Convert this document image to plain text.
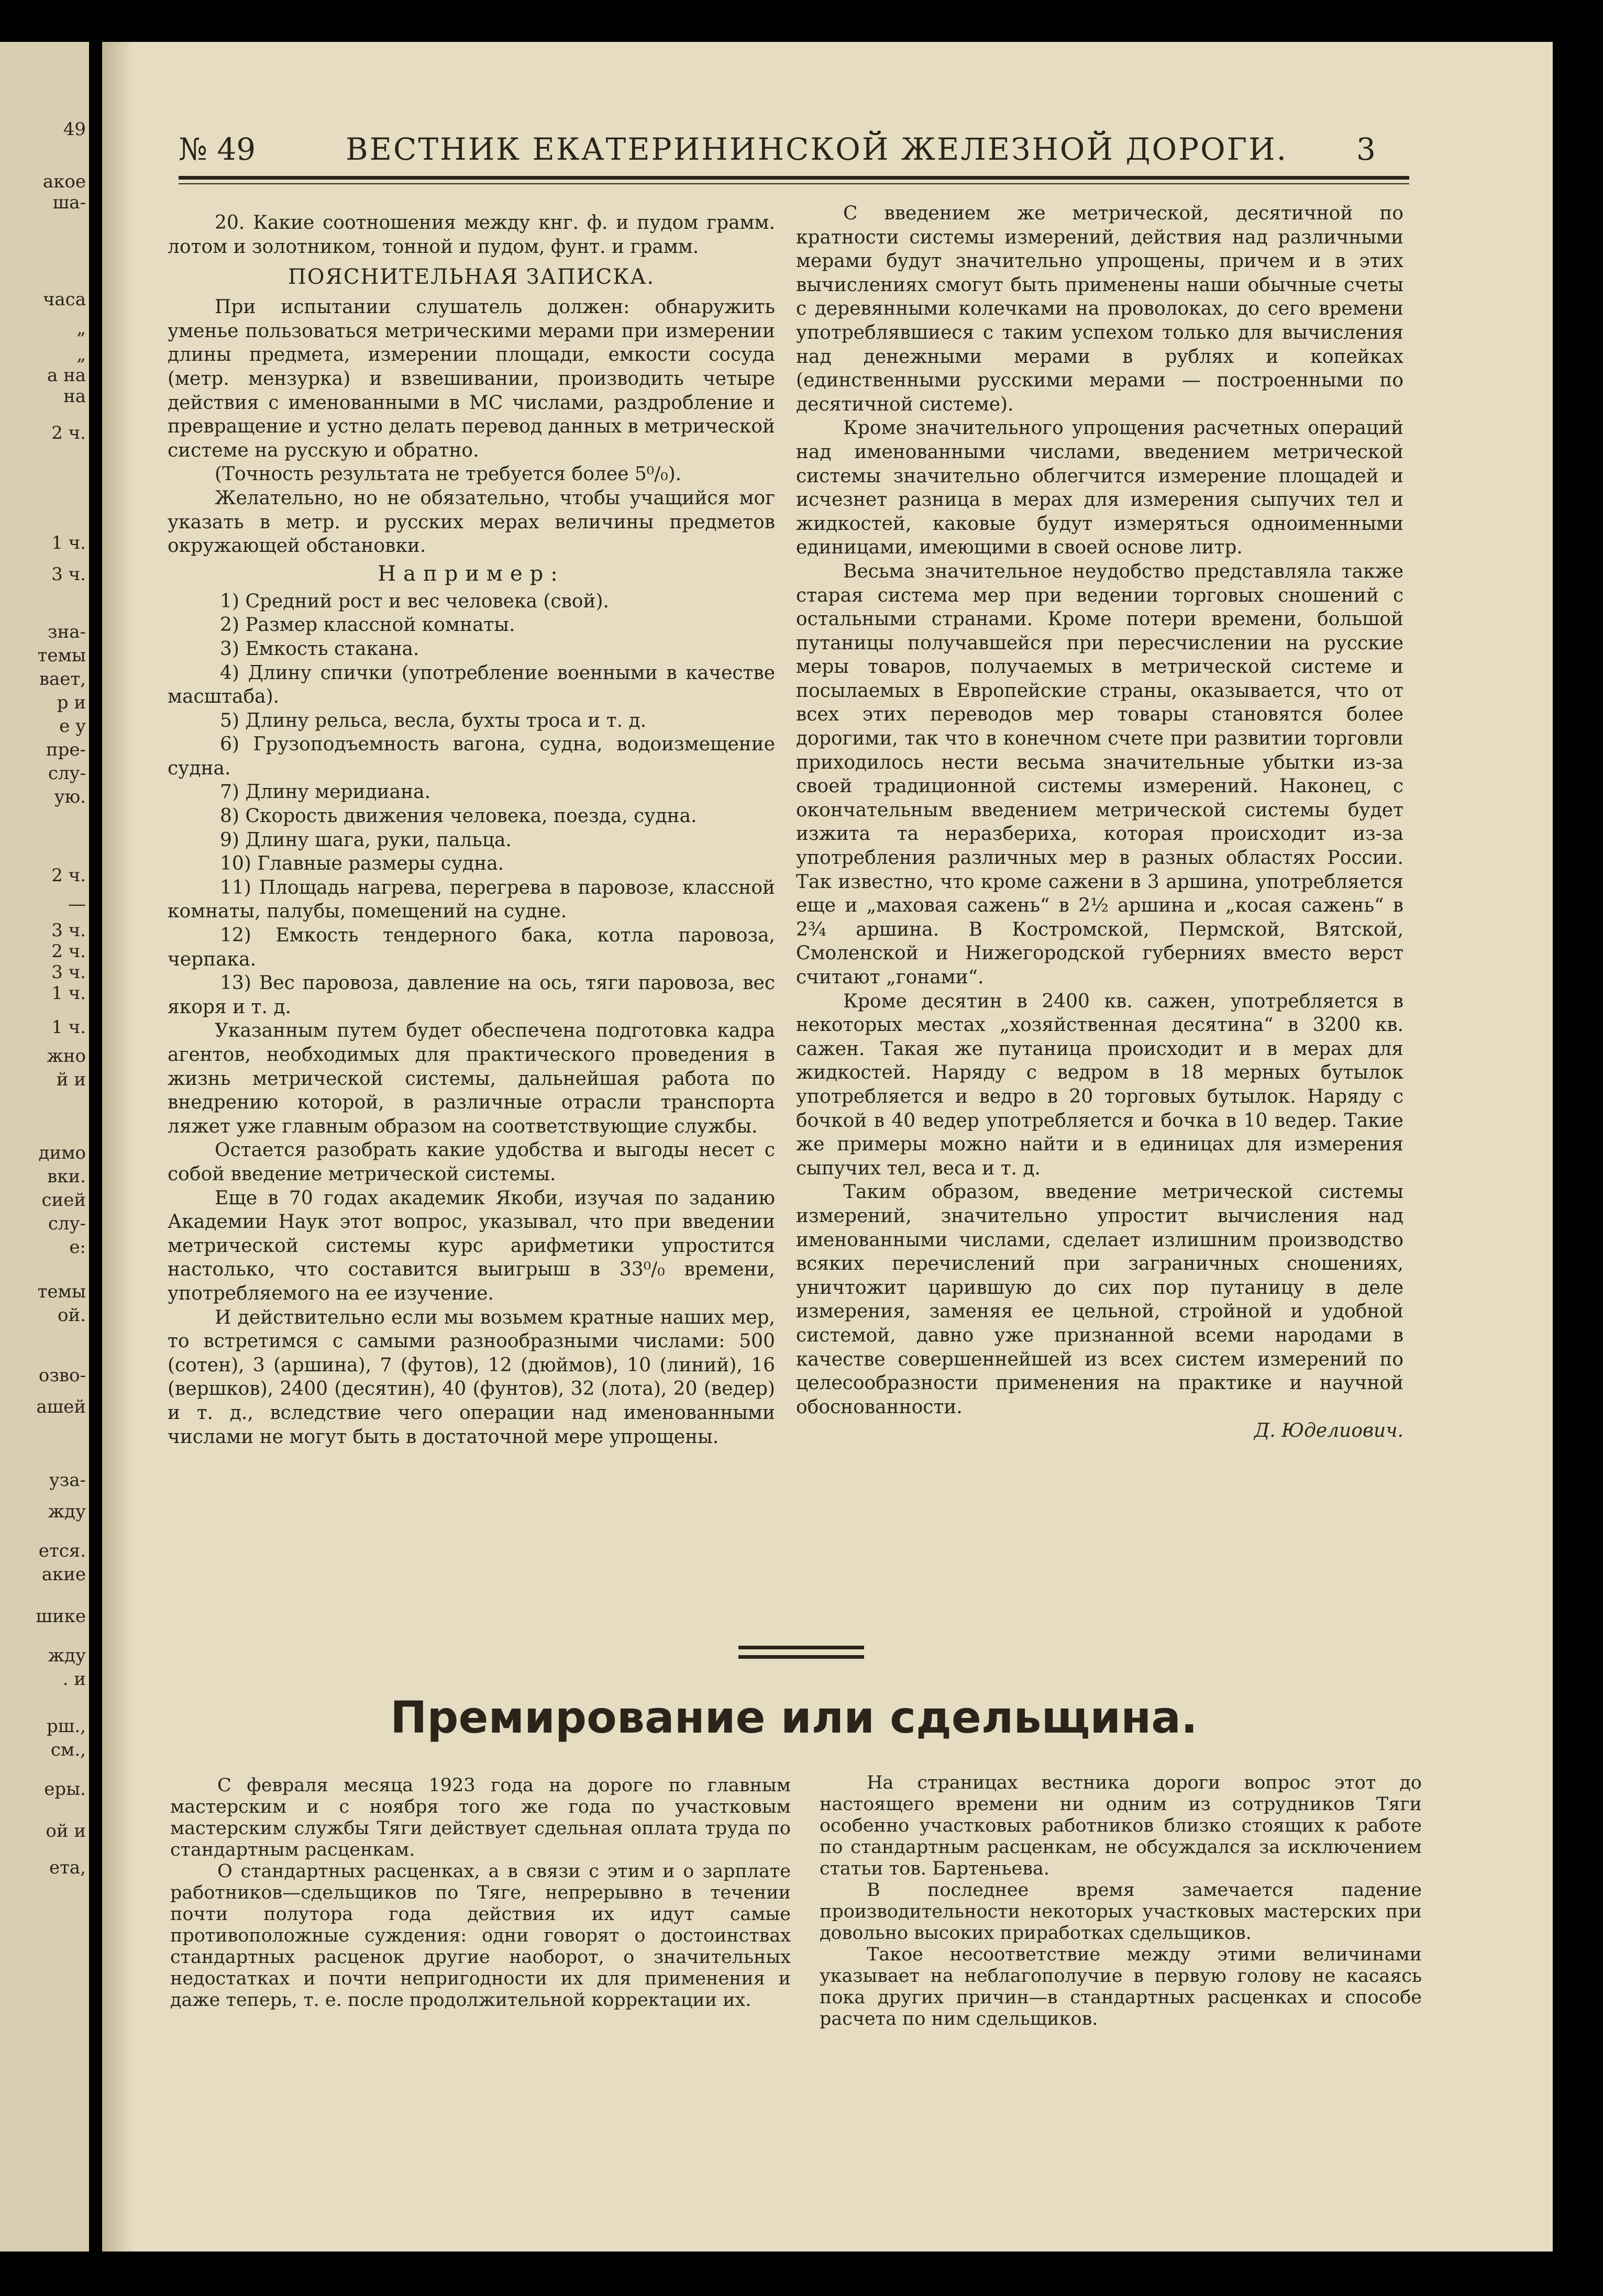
49
акое
ша-
часа
„
„
а на
на
2 ч.
1 ч.
3 ч.
зна-
темы
вает,
р и
е у
пре-
слу-
ую.
2 ч.
—
3 ч.
2 ч.
3 ч.
1 ч.
1 ч.
жно
й и
димо
вки.
сией
слу-
е:
темы
ой.
озво-
ашей
уза-
жду
ется.
акие
шике
жду
. и
рш.,
см.,
еры.
ой и
ета,
№ 49	ВЕСТНИК ЕКАТЕРИНИНСКОЙ ЖЕЛЕЗНОЙ ДОРОГИ. 3

20. Какие соотношения между кнг. ф. и пудом грамм. лотом и золотником, тонной и пудом, фунт. и грамм.

ПОЯСНИТЕЛЬНАЯ ЗАПИСКА.

При испытании слушатель должен: обнаружить уменье пользоваться метрическими мерами при измерении длины предмета, измерении площади, емкости сосуда (метр. мензурка) и взвешивании, производить четыре действия с именованными в МС числами, раздробление и превращение и устно делать перевод данных в метрической системе на русскую и обратно.

(Точность результата не требуется более 5⁰/₀).

Желательно, но не обязательно, чтобы учащийся мог указать в метр. и русских мерах величины предметов окружающей обстановки.

Например:

1) Средний рост и вес человека (свой).

2) Размер классной комнаты.

3) Емкость стакана.

4) Длину спички (употребление военными в качестве масштаба).

5) Длину рельса, весла, бухты троса и т. д.

6) Грузоподъемность вагона, судна, водоизмещение судна.

7) Длину меридиана.

8) Скорость движения человека, поезда, судна.

9) Длину шага, руки, пальца.

10) Главные размеры судна.

11) Площадь нагрева, перегрева в паровозе, классной комнаты, палубы, помещений на судне.

12) Емкость тендерного бака, котла паровоза, черпака.

13) Вес паровоза, давление на ось, тяги паровоза, вес якоря и т. д.

Указанным путем будет обеспечена подготовка кадра агентов, необходимых для практического проведения в жизнь метрической системы, дальнейшая работа по внедрению которой, в различные отрасли транспорта ляжет уже главным образом на соответствующие службы.

Остается разобрать какие удобства и выгоды несет с собой введение метрической системы.

Еще в 70 годах академик Якоби, изучая по заданию Академии Наук этот вопрос, указывал, что при введении метрической системы курс арифметики упростится настолько, что составится выигрыш в 33⁰/₀ времени, употребляемого на ее изучение.

И действительно если мы возьмем кратные наших мер, то встретимся с самыми разнообразными числами: 500 (сотен), 3 (аршина), 7 (футов), 12 (дюймов), 10 (линий), 16 (вершков), 2400 (десятин), 40 (фунтов), 32 (лота), 20 (ведер) и т. д., вследствие чего операции над именованными числами не могут быть в достаточной мере упрощены.

С введением же метрической, десятичной по кратности системы измерений, действия над различными мерами будут значительно упрощены, причем и в этих вычислениях смогут быть применены наши обычные счеты с деревянными колечками на проволоках, до сего времени употреблявшиеся с таким успехом только для вычисления над денежными мерами в рублях и копейках (единственными русскими мерами — построенными по десятичной системе).

Кроме значительного упрощения расчетных операций над именованными числами, введением метрической системы значительно облегчится измерение площадей и исчезнет разница в мерах для измерения сыпучих тел и жидкостей, каковые будут измеряться одноименными единицами, имеющими в своей основе литр.

Весьма значительное неудобство представляла также старая система мер при ведении торговых сношений с остальными странами. Кроме потери времени, большой путаницы получавшейся при пересчислении на русские меры товаров, получаемых в метрической системе и посылаемых в Европейские страны, оказывается, что от всех этих переводов мер товары становятся более дорогими, так что в конечном счете при развитии торговли приходилось нести весьма значительные убытки из-за своей традиционной системы измерений. Наконец, с окончательным введением метрической системы будет изжита та неразбериха, которая происходит из-за употребления различных мер в разных областях России. Так известно, что кроме сажени в 3 аршина, употребляется еще и „маховая сажень“ в 2½ аршина и „косая сажень“ в 2¾ аршина. В Костромской, Пермской, Вятской, Смоленской и Нижегородской губерниях вместо верст считают „гонами“.

Кроме десятин в 2400 кв. сажен, употребляется в некоторых местах „хозяйственная десятина“ в 3200 кв. сажен. Такая же путаница происходит и в мерах для жидкостей. Наряду с ведром в 18 мерных бутылок употребляется и ведро в 20 торговых бутылок. Наряду с бочкой в 40 ведер употребляется и бочка в 10 ведер. Такие же примеры можно найти и в единицах для измерения сыпучих тел, веса и т. д.

Таким образом, введение метрической системы измерений, значительно упростит вычисления над именованными числами, сделает излишним производство всяких перечислений при заграничных сношениях, уничтожит царившую до сих пор путаницу в деле измерения, заменяя ее цельной, стройной и удобной системой, давно уже признанной всеми народами в качестве совершеннейшей из всех систем измерений по целесообразности применения на практике и научной обоснованности.

Д. Юделиович.

Премирование или сдельщина.

С февраля месяца 1923 года на дороге по главным мастерским и с ноября того же года по участковым мастерским службы Тяги действует сдельная оплата труда по стандартным расценкам.

О стандартных расценках, а в связи с этим и о зарплате работников—сдельщиков по Тяге, непрерывно в течении почти полутора года действия их идут самые противоположные суждения: одни говорят о достоинствах стандартных расценок другие наоборот, о значительных недостатках и почти непригодности их для применения и даже теперь, т. е. после продолжительной корректации их.

На страницах вестника дороги вопрос этот до настоящего времени ни одним из сотрудников Тяги особенно участковых работников близко стоящих к работе по стандартным расценкам, не обсуждался за исключением статьи тов. Бартеньева.

В последнее время замечается падение производительности некоторых участковых мастерских при довольно высоких приработках сдельщиков.

Такое несоответствие между этими величинами указывает на неблагополучие в первую голову не касаясь пока других причин—в стандартных расценках и способе расчета по ним сдельщиков.
